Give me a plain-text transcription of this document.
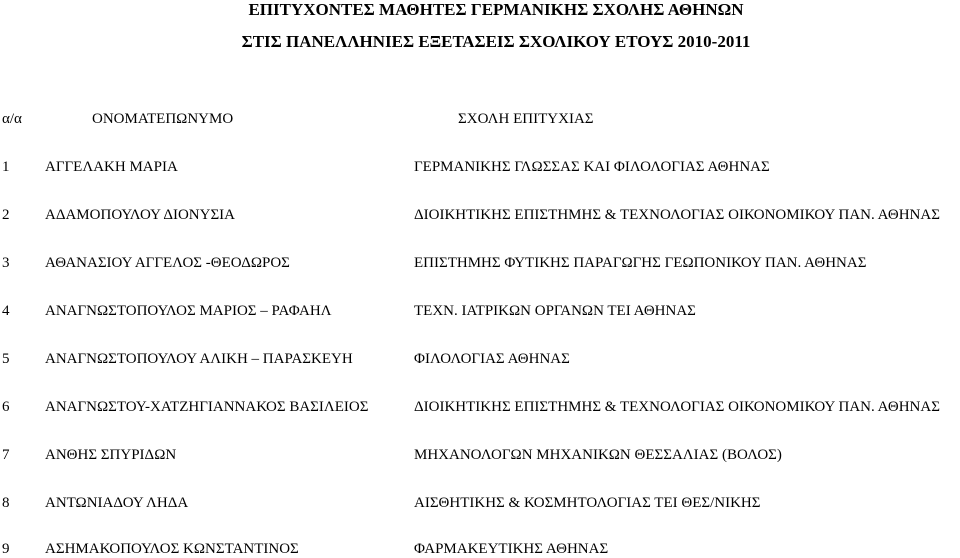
ΕΠΙΤΥΧΟΝΤΕΣ ΜΑΘΗΤΕΣ ΓΕΡΜΑΝΙΚΗΣ ΣΧΟΛΗΣ ΑΘΗΝΩΝ
ΣΤΙΣ ΠΑΝΕΛΛΗΝΙΕΣ ΕΞΕΤΑΣΕΙΣ ΣΧΟΛΙΚΟΥ ΕΤΟΥΣ 2010-2011
α/α	ΟΝΟΜΑΤΕΠΩΝΥΜΟ	ΣΧΟΛΗ ΕΠΙΤΥΧΙΑΣ
1 ΑΓΓΕΛΑΚΗ ΜΑΡΙΑ	ΓΕΡΜΑΝΙΚΗΣ ΓΛΩΣΣΑΣ ΚΑΙ ΦΙΛΟΛΟΓΙΑΣ ΑΘΗΝΑΣ
2 ΑΔΑΜΟΠΟΥΛΟΥ ΔΙΟΝΥΣΙΑ	ΔΙΟΙΚΗΤΙΚΗΣ ΕΠΙΣΤΗΜΗΣ & ΤΕΧΝΟΛΟΓΙΑΣ ΟΙΚΟΝΟΜΙΚΟΥ ΠΑΝ. ΑΘΗΝΑΣ
3 ΑΘΑΝΑΣΙΟΥ ΑΓΓΕΛΟΣ -ΘΕΟΔΩΡΟΣ	ΕΠΙΣΤΗΜΗΣ ΦΥΤΙΚΗΣ ΠΑΡΑΓΩΓΗΣ ΓΕΩΠΟΝΙΚΟΥ ΠΑΝ. ΑΘΗΝΑΣ
4 ΑΝΑΓΝΩΣΤΟΠΟΥΛΟΣ ΜΑΡΙΟΣ – ΡΑΦΑΗΛ	ΤΕΧΝ. ΙΑΤΡΙΚΩΝ ΟΡΓΑΝΩΝ ΤΕΙ ΑΘΗΝΑΣ
5 ΑΝΑΓΝΩΣΤΟΠΟΥΛΟΥ ΑΛΙΚΗ – ΠΑΡΑΣΚΕΥΗ	ΦΙΛΟΛΟΓΙΑΣ ΑΘΗΝΑΣ
6 ΑΝΑΓΝΩΣΤΟΥ-ΧΑΤΖΗΓΙΑΝΝΑΚΟΣ ΒΑΣΙΛΕΙΟΣ	ΔΙΟΙΚΗΤΙΚΗΣ ΕΠΙΣΤΗΜΗΣ & ΤΕΧΝΟΛΟΓΙΑΣ ΟΙΚΟΝΟΜΙΚΟΥ ΠΑΝ. ΑΘΗΝΑΣ
7 ΑΝΘΗΣ ΣΠΥΡΙΔΩΝ	ΜΗΧΑΝΟΛΟΓΩΝ ΜΗΧΑΝΙΚΩΝ ΘΕΣΣΑΛΙΑΣ (ΒΟΛΟΣ)
8 ΑΝΤΩΝΙΑΔΟΥ ΛΗΔΑ	ΑΙΣΘΗΤΙΚΗΣ & ΚΟΣΜΗΤΟΛΟΓΙΑΣ ΤΕΙ ΘΕΣ/ΝΙΚΗΣ
9 ΑΣΗΜΑΚΟΠΟΥΛΟΣ ΚΩΝΣΤΑΝΤΙΝΟΣ	ΦΑΡΜΑΚΕΥΤΙΚΗΣ ΑΘΗΝΑΣ
